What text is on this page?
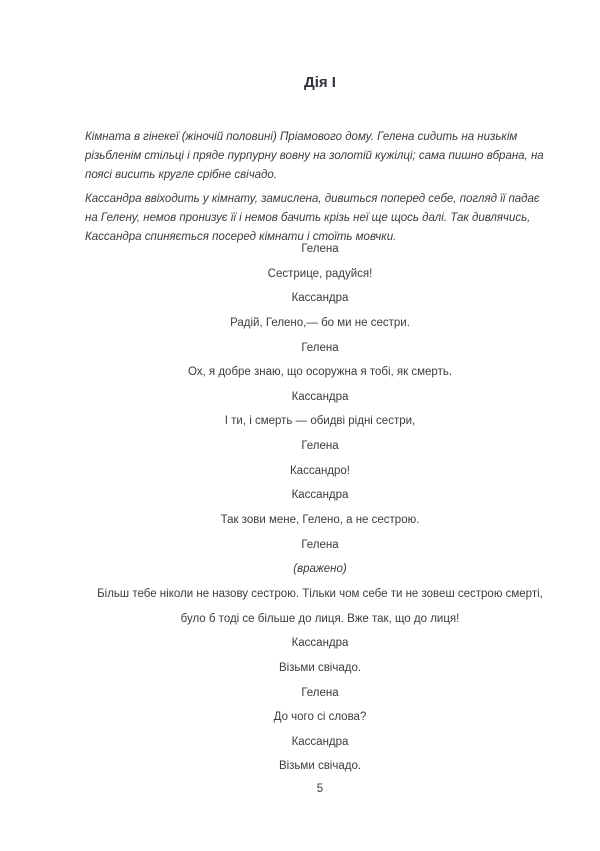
Дія I
Кімната в гінекеї (жіночій половині) Пріамового дому. Гелена сидить на низькім різьбленім стільці і пряде пурпурну вовну на золотій кужілці; сама пишно вбрана, на поясі висить кругле срібне свічадо.
Кассандра ввіходить у кімнату, замислена, дивиться поперед себе, погляд її падає на Гелену, немов пронизує її і немов бачить крізь неї ще щось далі. Так дивлячись, Кассандра спиняється посеред кімнати і стоїть мовчки.
Гелена
Сестрице, радуйся!
Кассандра
Радій, Гелено,— бо ми не сестри.
Гелена
Ох, я добре знаю, що осоружна я тобі, як смерть.
Кассандра
І ти, і смерть — обидві рідні сестри,
Гелена
Кассандро!
Кассандра
Так зови мене, Гелено, а не сестрою.
Гелена
(вражено)
Більш тебе ніколи не назову сестрою. Тільки чом себе ти не зовеш сестрою смерті,
було б тоді се більше до лиця. Вже так, що до лиця!
Кассандра
Візьми свічадо.
Гелена
До чого сі слова?
Кассандра
Візьми свічадо.
5
